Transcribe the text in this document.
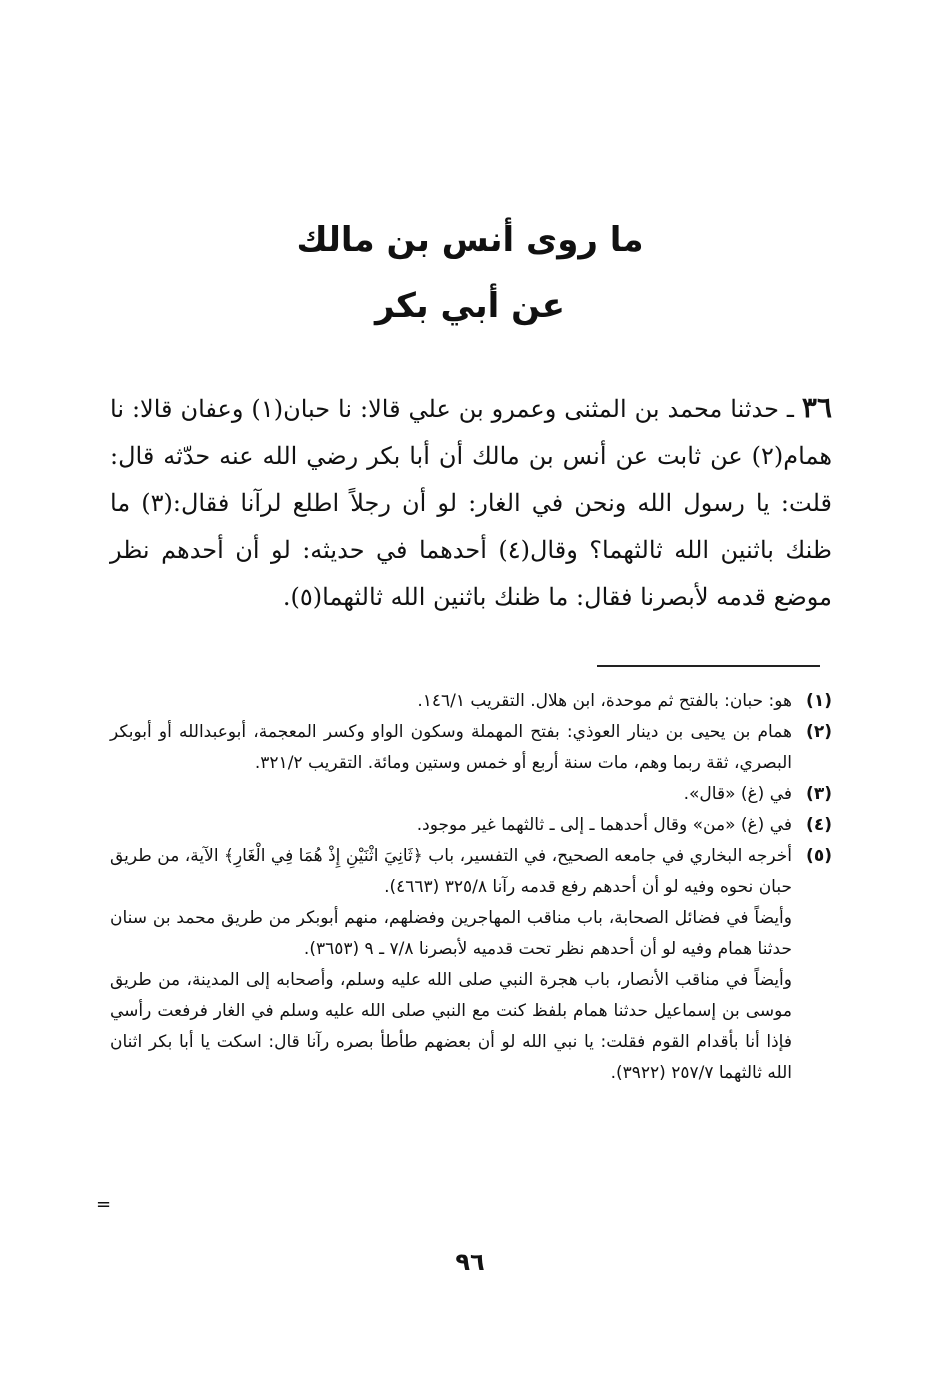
ما روى أنس بن مالك
عن أبي بكر
٣٦ ـ حدثنا محمد بن المثنى وعمرو بن علي قالا: نا حبان(١) وعفان قالا: نا همام(٢) عن ثابت عن أنس بن مالك أن أبا بكر رضي الله عنه حدّثه قال: قلت: يا رسول الله ونحن في الغار: لو أن رجلاً اطلع لرآنا فقال:(٣) ما ظنك باثنين الله ثالثهما؟ وقال(٤) أحدهما في حديثه: لو أن أحدهم نظر موضع قدمه لأبصرنا فقال: ما ظنك باثنين الله ثالثهما(٥).
(١)

هو: حبان: بالفتح ثم موحدة، ابن هلال. التقريب ١٤٦/١.

(٢)

همام بن يحيى بن دينار العوذي: بفتح المهملة وسكون الواو وكسر المعجمة، أبوعبدالله أو أبوبكر البصري، ثقة ربما وهم، مات سنة أربع أو خمس وستين ومائة. التقريب ٣٢١/٢.

(٣)

في (غ) «قال».

(٤)

في (غ) «من» وقال أحدهما ـ إلى ـ ثالثهما غير موجود.

(٥)

أخرجه البخاري في جامعه الصحيح، في التفسير، باب ﴿ثَانِيَ اثْنَيْنِ إِذْ هُمَا فِي الْغَارِ﴾ الآية، من طريق حبان نحوه وفيه لو أن أحدهم رفع قدمه رآنا ٣٢٥/٨ (٤٦٦٣).

وأيضاً في فضائل الصحابة، باب مناقب المهاجرين وفضلهم، منهم أبوبكر من طريق محمد بن سنان حدثنا همام وفيه لو أن أحدهم نظر تحت قدميه لأبصرنا ٧/٨ ـ ٩ (٣٦٥٣).

وأيضاً في مناقب الأنصار، باب هجرة النبي صلى الله عليه وسلم، وأصحابه إلى المدينة، من طريق موسى بن إسماعيل حدثنا همام بلفظ كنت مع النبي صلى الله عليه وسلم في الغار فرفعت رأسي فإذا أنا بأقدام القوم فقلت: يا نبي الله لو أن بعضهم طأطأ بصره رآنا قال: اسكت يا أبا بكر اثنان الله ثالثهما ٢٥٧/٧ (٣٩٢٢).

=
٩٦
